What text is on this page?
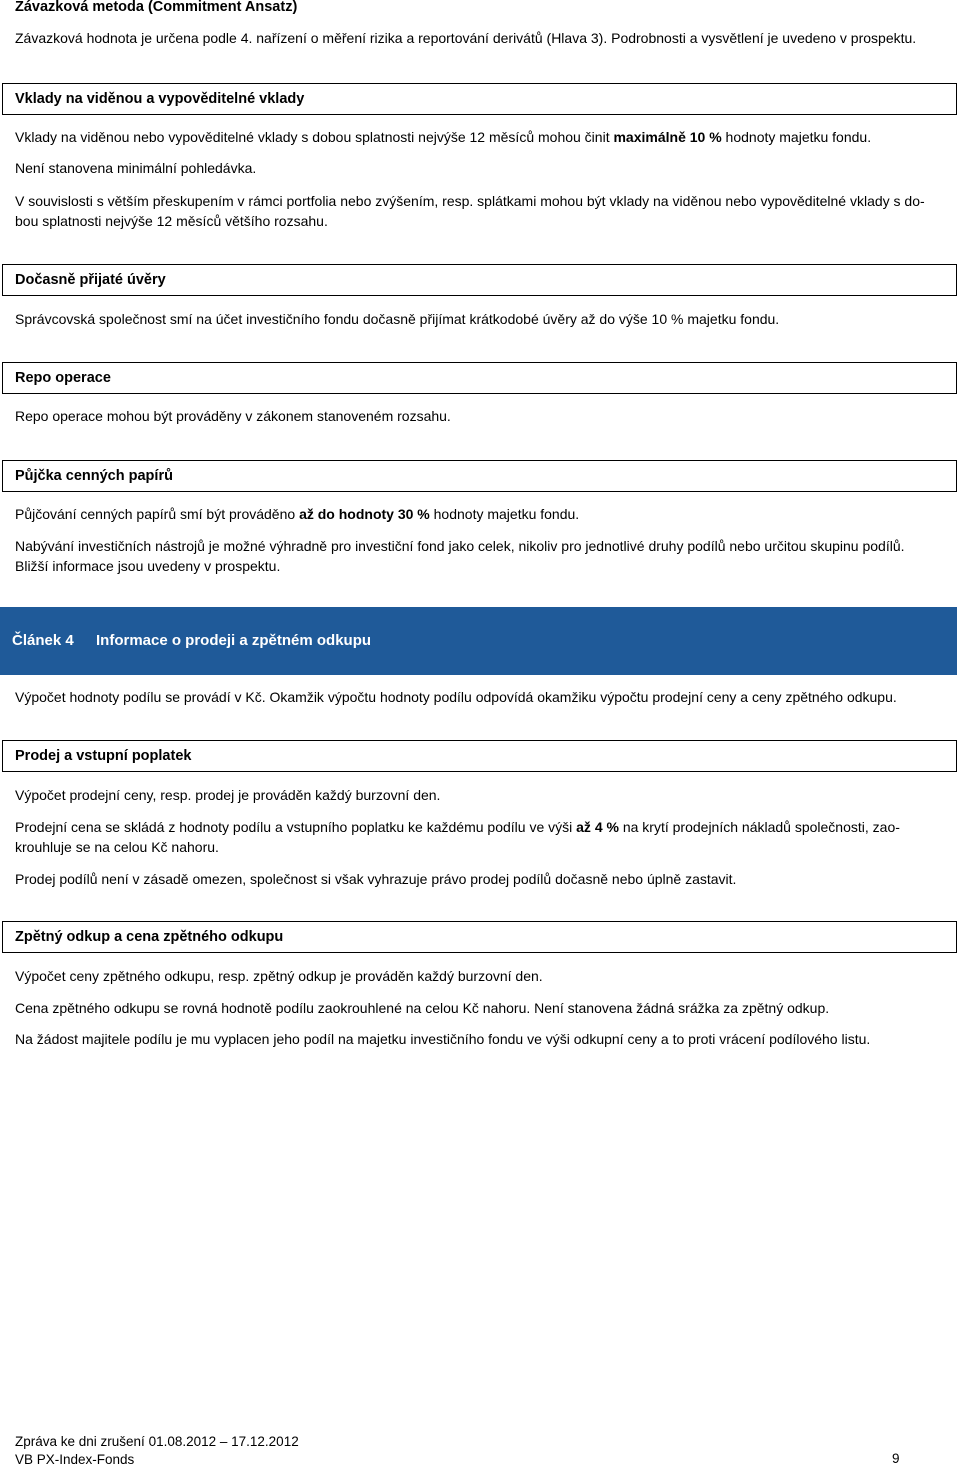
Závazková metoda (Commitment Ansatz)
Závazková hodnota je určena podle 4. nařízení o měření rizika a reportování derivátů (Hlava 3). Podrobnosti a vysvětlení je uvedeno v prospektu.
Vklady na viděnou a vypověditelné vklady
Vklady na viděnou nebo vypověditelné vklady s dobou splatnosti nejvýše 12 měsíců mohou činit maximálně 10 % hodnoty majetku fondu.
Není stanovena minimální pohledávka.
V souvislosti s větším přeskupením v rámci portfolia nebo zvýšením, resp. splátkami mohou být vklady na viděnou nebo vypověditelné vklady s do-
bou splatnosti nejvýše 12 měsíců většího rozsahu.
Dočasně přijaté úvěry
Správcovská společnost smí na účet investičního fondu dočasně přijímat krátkodobé úvěry až do výše 10 % majetku fondu.
Repo operace
Repo operace mohou být prováděny v zákonem stanoveném rozsahu.
Půjčka cenných papírů
Půjčování cenných papírů smí být prováděno až do hodnoty 30 % hodnoty majetku fondu.
Nabývání investičních nástrojů je možné výhradně pro investiční fond jako celek, nikoliv pro jednotlivé druhy podílů nebo určitou skupinu podílů.
Bližší informace jsou uvedeny v prospektu.
Článek 4 Informace o prodeji a zpětném odkupu
Výpočet hodnoty podílu se provádí v Kč. Okamžik výpočtu hodnoty podílu odpovídá okamžiku výpočtu prodejní ceny a ceny zpětného odkupu.
Prodej a vstupní poplatek
Výpočet prodejní ceny, resp. prodej je prováděn každý burzovní den.
Prodejní cena se skládá z hodnoty podílu a vstupního poplatku ke každému podílu ve výši až 4 % na krytí prodejních nákladů společnosti, zao-
krouhluje se na celou Kč nahoru.
Prodej podílů není v zásadě omezen, společnost si však vyhrazuje právo prodej podílů dočasně nebo úplně zastavit.
Zpětný odkup a cena zpětného odkupu
Výpočet ceny zpětného odkupu, resp. zpětný odkup je prováděn každý burzovní den.
Cena zpětného odkupu se rovná hodnotě podílu zaokrouhlené na celou Kč nahoru. Není stanovena žádná srážka za zpětný odkup.
Na žádost majitele podílu je mu vyplacen jeho podíl na majetku investičního fondu ve výši odkupní ceny a to proti vrácení podílového listu.
Zpráva ke dni zrušení 01.08.2012 – 17.12.2012
VB PX-Index-Fonds	9
